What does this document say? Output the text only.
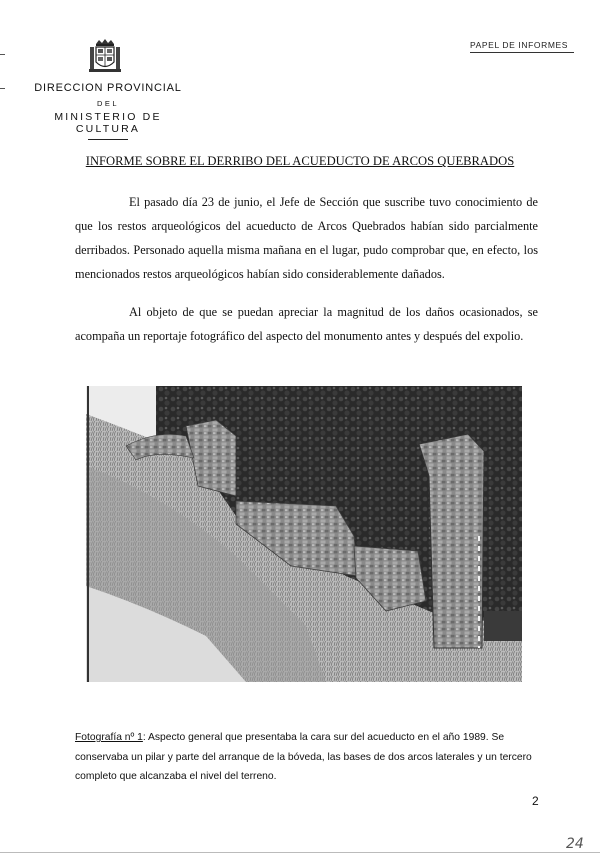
PAPEL DE INFORMES
DIRECCION PROVINCIAL
DEL
MINISTERIO DE CULTURA
INFORME SOBRE EL DERRIBO DEL ACUEDUCTO DE ARCOS QUEBRADOS

El pasado día 23 de junio, el Jefe de Sección que suscribe tuvo conocimiento de que los restos arqueológicos del acueducto de Arcos Quebrados habían sido parcialmente derribados. Personado aquella misma mañana en el lugar, pudo comprobar que, en efecto, los mencionados restos arqueológicos habían sido considerablemente dañados.

Al objeto de que se puedan apreciar la magnitud de los daños ocasionados, se acompaña un reportaje fotográfico del aspecto del monumento antes y después del expolio.

Fotografía nº 1: Aspecto general que presentaba la cara sur del acueducto en el año 1989. Se conservaba un pilar y parte del arranque de la bóveda, las bases de dos arcos laterales y un tercero completo que alcanzaba el nivel del terreno.

2
24
